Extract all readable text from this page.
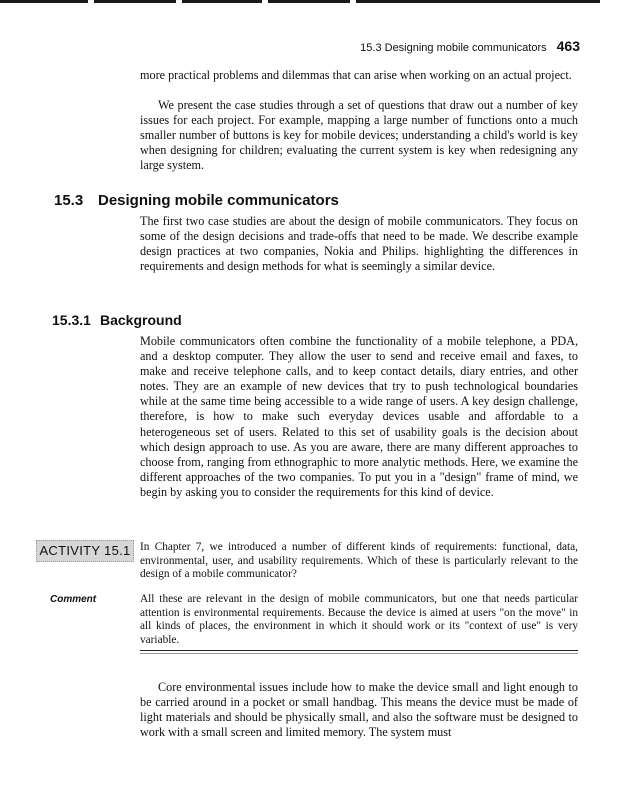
15.3 Designing mobile communicators 463

more practical problems and dilemmas that can arise when working on an actual project.

We present the case studies through a set of questions that draw out a number of key issues for each project. For example, mapping a large number of functions onto a much smaller number of buttons is key for mobile devices; understanding a child's world is key when designing for children; evaluating the current system is key when redesigning any large system.

15.3 Designing mobile communicators

The first two case studies are about the design of mobile communicators. They focus on some of the design decisions and trade-offs that need to be made. We describe example design practices at two companies, Nokia and Philips. highlighting the differences in requirements and design methods for what is seemingly a similar device.

15.3.1 Background

Mobile communicators often combine the functionality of a mobile telephone, a PDA, and a desktop computer. They allow the user to send and receive email and faxes, to make and receive telephone calls, and to keep contact details, diary entries, and other notes. They are an example of new devices that try to push technological boundaries while at the same time being accessible to a wide range of users. A key design challenge, therefore, is how to make such everyday devices usable and affordable to a heterogeneous set of users. Related to this set of usability goals is the decision about which design approach to use. As you are aware, there are many different approaches to choose from, ranging from ethnographic to more analytic methods. Here, we examine the different approaches of the two companies. To put you in a "design" frame of mind, we begin by asking you to consider the requirements for this kind of device.

ACTIVITY 15.1 In Chapter 7, we introduced a number of different kinds of requirements: functional, data, environmental, user, and usability requirements. Which of these is particularly relevant to the design of a mobile communicator?

Comment	All these are relevant in the design of mobile communicators, but one that needs particular attention is environmental requirements. Because the device is aimed at users "on the move" in all kinds of places, the environment in which it should work or its "context of use" is very variable.

Core environmental issues include how to make the device small and light enough to be carried around in a pocket or small handbag. This means the device must be made of light materials and should be physically small, and also the software must be designed to work with a small screen and limited memory. The system must
